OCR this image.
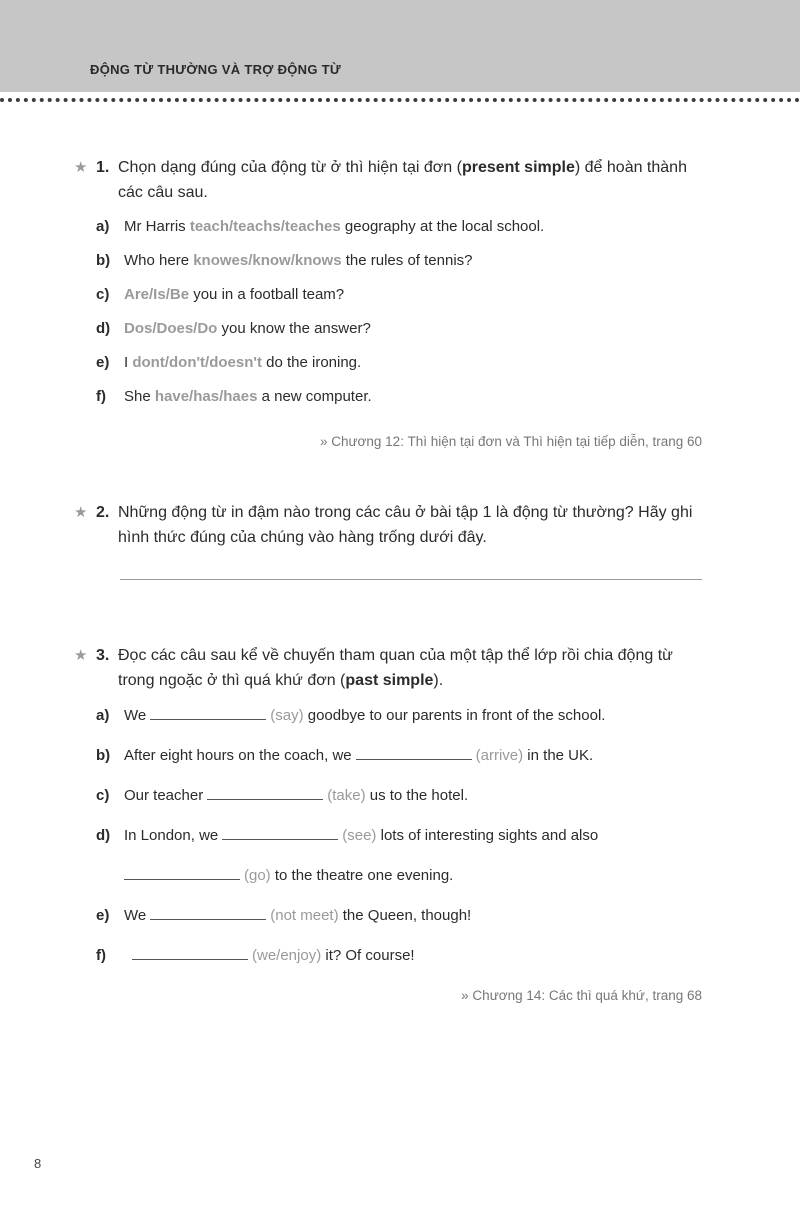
ĐỘNG TỪ THƯỜNG VÀ TRỢ ĐỘNG TỪ
★ 1. Chọn dạng đúng của động từ ở thì hiện tại đơn (present simple) để hoàn thành các câu sau.
a) Mr Harris teach/teachs/teaches geography at the local school.
b) Who here knowes/know/knows the rules of tennis?
c) Are/Is/Be you in a football team?
d) Dos/Does/Do you know the answer?
e) I dont/don't/doesn't do the ironing.
f) She have/has/haes a new computer.
» Chương 12: Thì hiện tại đơn và Thì hiện tại tiếp diễn, trang 60
★ 2. Những động từ in đậm nào trong các câu ở bài tập 1 là động từ thường? Hãy ghi hình thức đúng của chúng vào hàng trống dưới đây.
★ 3. Đọc các câu sau kể về chuyến tham quan của một tập thể lớp rồi chia động từ trong ngoặc ở thì quá khứ đơn (past simple).
a) We	(say) goodbye to our parents in front of the school.
b) After eight hours on the coach, we	(arrive) in the UK.
c) Our teacher	(take) us to the hotel.
d) In London, we	(see) lots of interesting sights and also
(go) to the theatre one evening.
e) We	(not meet) the Queen, though!
f)	(we/enjoy) it? Of course!
» Chương 14: Các thì quá khứ, trang 68
8
